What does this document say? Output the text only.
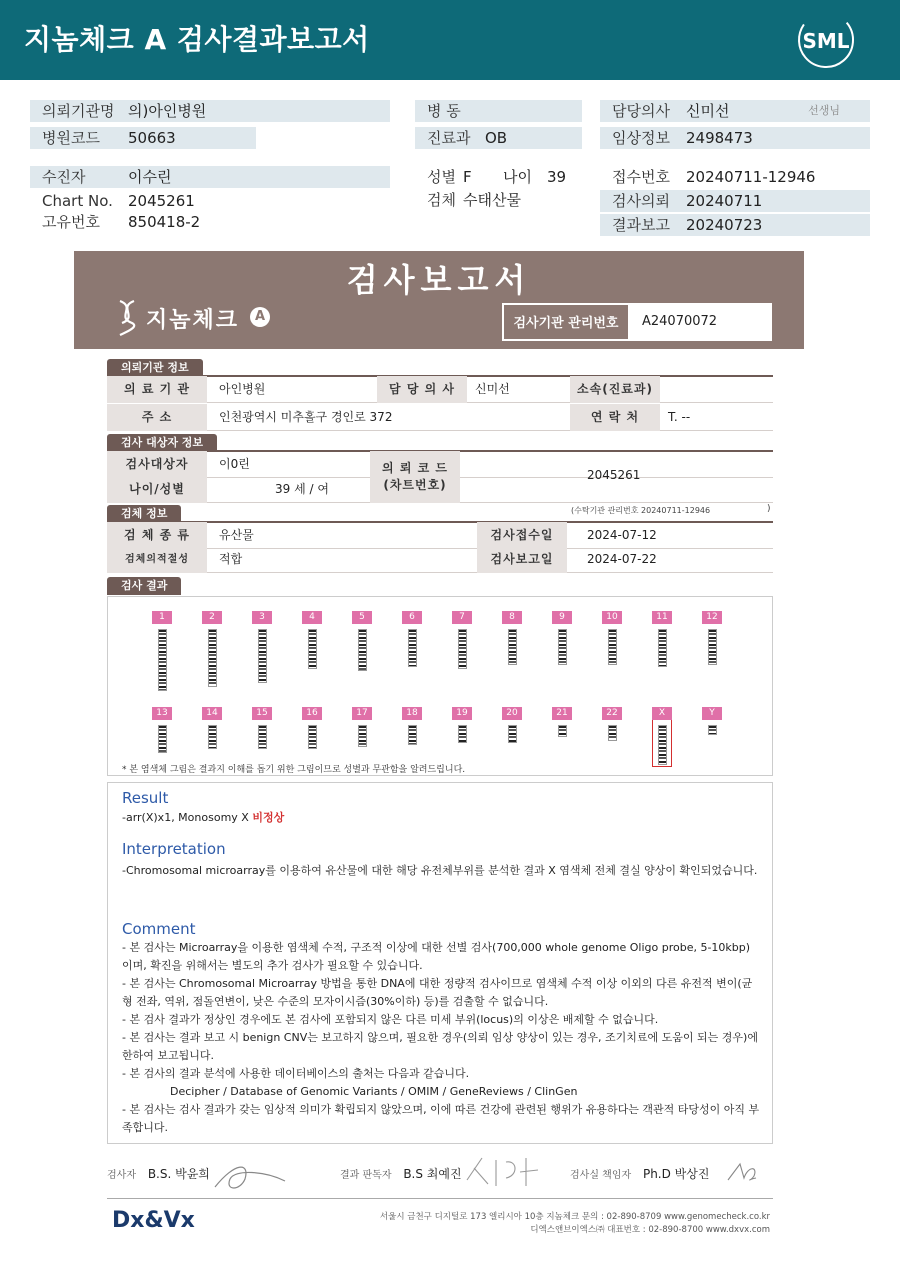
지놈체크 A 검사결과보고서	SML
의뢰기관명 의)아인병원
병원코드 50663
병 동
진료과 OB
담당의사 신미선	선생님
임상정보 2498473
수진자	이수린
Chart No. 2045261
고유번호 850418-2
성별 F 나이 39
검체 수태산물
접수번호 20240711-12946
검사의뢰 20240711
결과보고 20240723
검사보고서
지놈체크	A	검사기관 관리번호	A24070072
의뢰기관 정보
의 료 기 관	아인병원	담 당 의 사	신미선	소속(진료과)
주 소	인천광역시 미추홀구 경인로 372	연 락 처	T. --
검사 대상자 정보
검사대상자	이0린
나이/성별	39 세 / 여
의 뢰 코 드
(차트번호)
2045261
(수탁기관 관리번호 20240711-12946	)
검체 정보
검 체 종 류	유산물	검사접수일	2024-07-12
검체의적절성	적합	검사보고일	2024-07-22
검사 결과
* 본 염색체 그림은 결과지 이해를 돕기 위한 그림이므로 성별과 무관함을 알려드립니다.
1	2	3	4	5	6	7	8	9	10	11	12
13	14	15	16	17	18	19	20	21	22	X	Y
Result
-arr(X)x1, Monosomy X 비정상
Interpretation
-Chromosomal microarray를 이용하여 유산물에 대한 해당 유전체부위를 분석한 결과 X 염색체 전체 결실 양상이 확인되었습니다.
Comment
- 본 검사는 Microarray을 이용한 염색체 수적, 구조적 이상에 대한 선별 검사(700,000 whole genome Oligo probe, 5-10kbp) 이며, 확진을 위해서는 별도의 추가 검사가 필요할 수 있습니다.
- 본 검사는 Chromosomal Microarray 방법을 통한 DNA에 대한 정량적 검사이므로 염색체 수적 이상 이외의 다른 유전적 변이(균형 전좌, 역위, 점돌연변이, 낮은 수준의 모자이시즘(30%이하) 등)를 검출할 수 없습니다.
- 본 검사 결과가 정상인 경우에도 본 검사에 포함되지 않은 다른 미세 부위(locus)의 이상은 배제할 수 없습니다.
- 본 검사는 결과 보고 시 benign CNV는 보고하지 않으며, 필요한 경우(의뢰 임상 양상이 있는 경우, 조기치료에 도움이 되는 경우)에 한하여 보고됩니다.
- 본 검사의 결과 분석에 사용한 데이터베이스의 출처는 다음과 같습니다.
Decipher / Database of Genomic Variants / OMIM / GeneReviews / ClinGen
- 본 검사는 검사 결과가 갖는 임상적 의미가 확립되지 않았으며, 이에 따른 건강에 관련된 행위가 유용하다는 객관적 타당성이 아직 부족합니다.
검사자 B.S. 박윤희	결과 판독자 B.S 최예진	검사실 책임자 Ph.D 박상진
Dx&Vx	서울시 금천구 디지털로 173 엘리시아 10층 지놈체크 문의 : 02-890-8709 www.genomecheck.co.kr
디엑스앤브이엑스㈜ 대표번호 : 02-890-8700 www.dxvx.com
